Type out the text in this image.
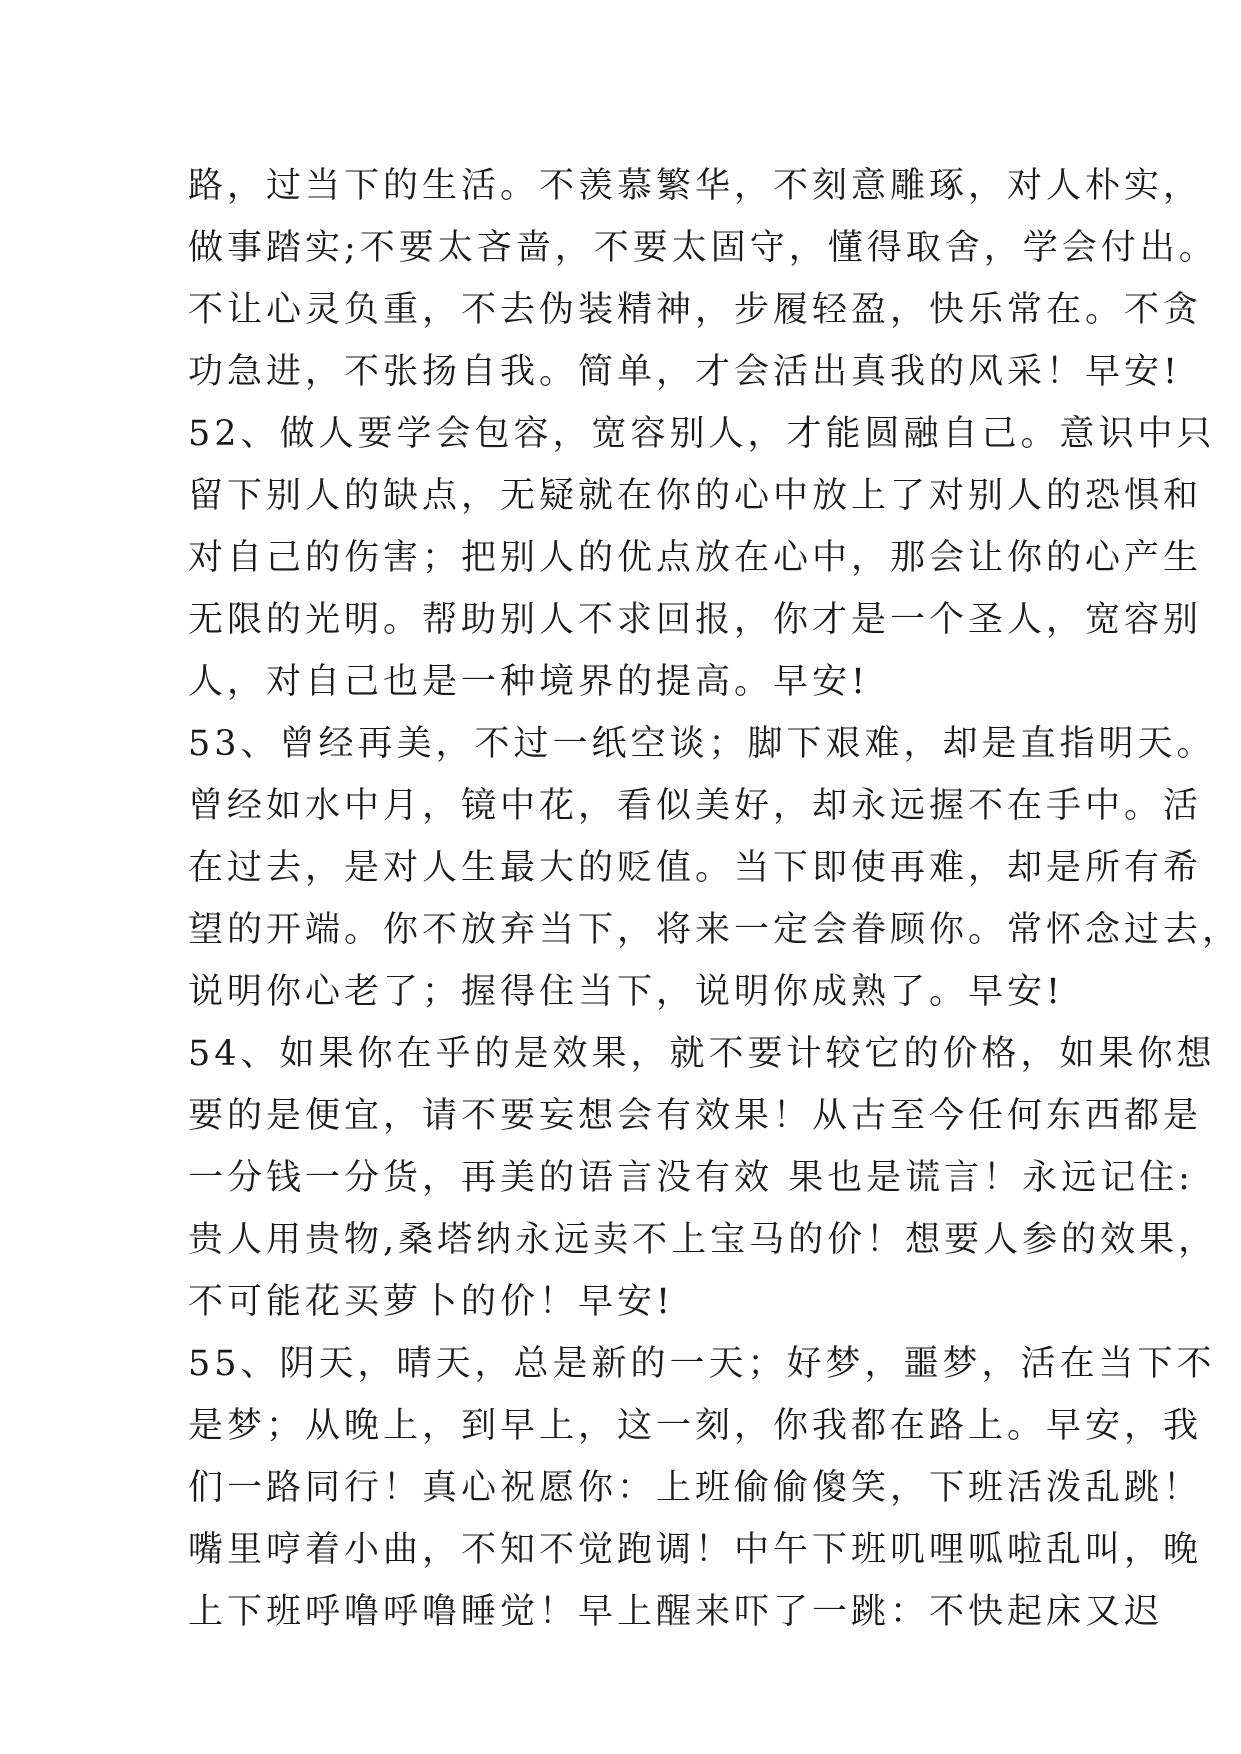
路，过当下的生活。不羡慕繁华，不刻意雕琢，对人朴实，

做事踏实;不要太吝啬，不要太固守，懂得取舍，学会付出。

不让心灵负重，不去伪装精神，步履轻盈，快乐常在。不贪

功急进，不张扬自我。简单，才会活出真我的风采！早安!

52、做人要学会包容，宽容别人，才能圆融自己。意识中只

留下别人的缺点，无疑就在你的心中放上了对别人的恐惧和

对自己的伤害；把别人的优点放在心中，那会让你的心产生

无限的光明。帮助别人不求回报，你才是一个圣人，宽容别

人，对自己也是一种境界的提高。早安!

53、曾经再美，不过一纸空谈；脚下艰难，却是直指明天。

曾经如水中月，镜中花，看似美好，却永远握不在手中。活

在过去，是对人生最大的贬值。当下即使再难，却是所有希

望的开端。你不放弃当下，将来一定会眷顾你。常怀念过去，

说明你心老了；握得住当下，说明你成熟了。早安!

54、如果你在乎的是效果，就不要计较它的价格，如果你想

要的是便宜，请不要妄想会有效果！从古至今任何东西都是

一分钱一分货，再美的语言没有效 果也是谎言！永远记住:

贵人用贵物,桑塔纳永远卖不上宝马的价！想要人参的效果，

不可能花买萝卜的价！早安!

55、阴天，晴天，总是新的一天；好梦，噩梦，活在当下不

是梦；从晚上，到早上，这一刻，你我都在路上。早安，我

们一路同行！真心祝愿你：上班偷偷傻笑，下班活泼乱跳！

嘴里哼着小曲，不知不觉跑调！中午下班叽哩呱啦乱叫，晚

上下班呼噜呼噜睡觉！早上醒来吓了一跳：不快起床又迟
